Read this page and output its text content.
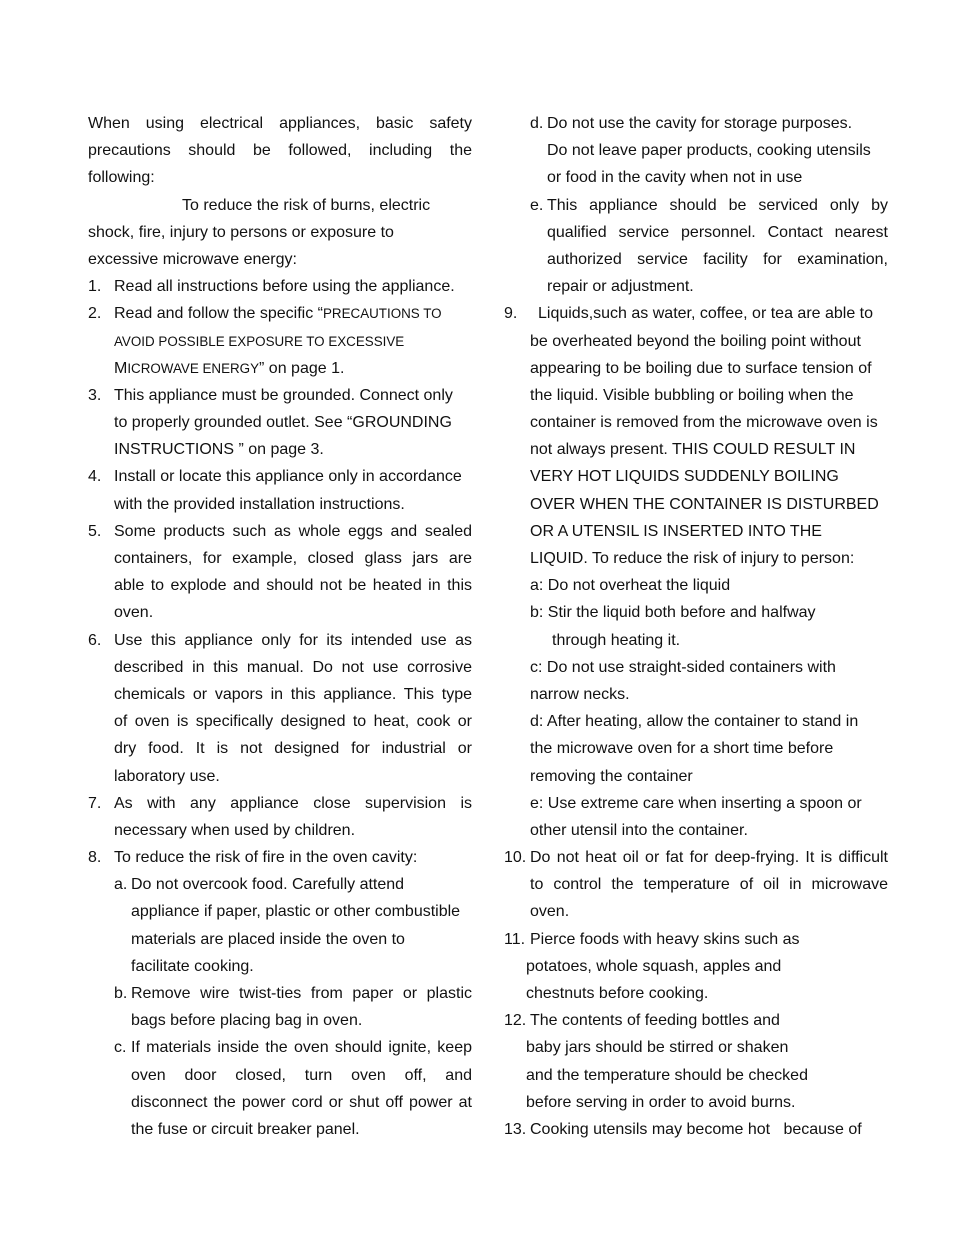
When using electrical appliances, basic safety
precautions should be followed, including the
following:
To reduce the risk of burns, electric
shock, fire, injury to persons or exposure to
excessive microwave energy:
1. Read all instructions before using the appliance.
2. Read and follow the specific “PRECAUTIONS TO
AVOID POSSIBLE EXPOSURE TO EXCESSIVE
MICROWAVE ENERGY” on page 1.
3. This appliance must be grounded. Connect only
to properly grounded outlet. See “GROUNDING
INSTRUCTIONS ” on page 3.
4. Install or locate this appliance only in accordance
with the provided installation instructions.
5. Some products such as whole eggs and sealed
containers, for example, closed glass jars are
able to explode and should not be heated in this
oven.
6. Use this appliance only for its intended use as
described in this manual. Do not use corrosive
chemicals or vapors in this appliance. This type
of oven is specifically designed to heat, cook or
dry food. It is not designed for industrial or
laboratory use.
7. As with any appliance close supervision is
necessary when used by children.
8. To reduce the risk of fire in the oven cavity:
a. Do not overcook food. Carefully attend
appliance if paper, plastic or other combustible
materials are placed inside the oven to
facilitate cooking.
b. Remove wire twist-ties from paper or plastic
bags before placing bag in oven.
c. If materials inside the oven should ignite, keep
oven door closed, turn oven off, and
disconnect the power cord or shut off power at
the fuse or circuit breaker panel.
d. Do not use the cavity for storage purposes.
Do not leave paper products, cooking utensils
or food in the cavity when not in use
e. This appliance should be serviced only by
qualified service personnel. Contact nearest
authorized service facility for examination,
repair or adjustment.
9. Liquids,such as water, coffee, or tea are able to
be overheated beyond the boiling point without
appearing to be boiling due to surface tension of
the liquid. Visible bubbling or boiling when the
container is removed from the microwave oven is
not always present. THIS COULD RESULT IN
VERY HOT LIQUIDS SUDDENLY BOILING
OVER WHEN THE CONTAINER IS DISTURBED
OR A UTENSIL IS INSERTED INTO THE
LIQUID. To reduce the risk of injury to person:
a: Do not overheat the liquid
b: Stir the liquid both before and halfway
through heating it.
c: Do not use straight-sided containers with
narrow necks.
d: After heating, allow the container to stand in
the microwave oven for a short time before
removing the container
e: Use extreme care when inserting a spoon or
other utensil into the container.
10. Do not heat oil or fat for deep-frying. It is difficult
to control the temperature of oil in microwave
oven.
11. Pierce foods with heavy skins such as
potatoes, whole squash, apples and
chestnuts before cooking.
12. The contents of feeding bottles and
baby jars should be stirred or shaken
and the temperature should be checked
before serving in order to avoid burns.
13. Cooking utensils may become hot   because of
